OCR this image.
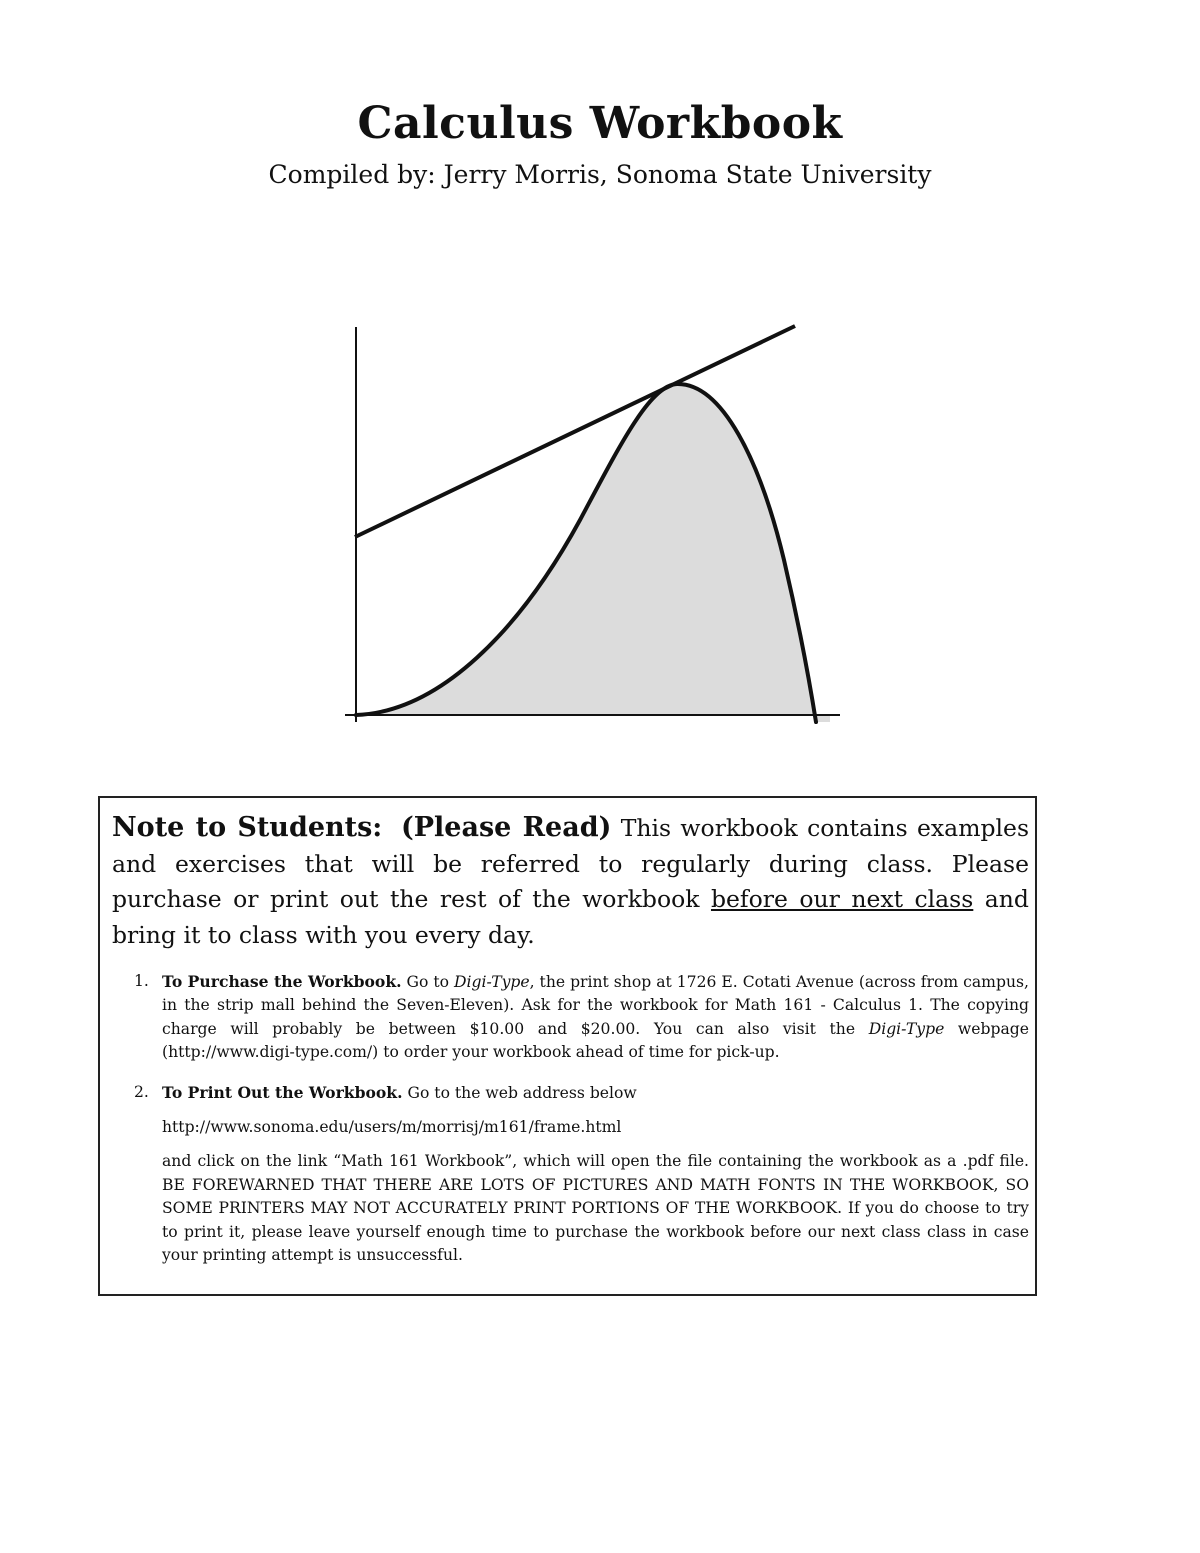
Calculus Workbook

Compiled by: Jerry Morris, Sonoma State University

Note to Students: (Please Read) This workbook contains examples and exercises that will be referred to regularly during class. Please purchase or print out the rest of the workbook before our next class and bring it to class with you every day.

1. To Purchase the Workbook. Go to Digi-Type, the print shop at 1726 E. Cotati Avenue (across from campus, in the strip mall behind the Seven-Eleven). Ask for the workbook for Math 161 - Calculus 1. The copying charge will probably be between $10.00 and $20.00. You can also visit the Digi-Type webpage (http://www.digi-type.com/) to order your workbook ahead of time for pick-up.
2. To Print Out the Workbook. Go to the web address below

http://www.sonoma.edu/users/m/morrisj/m161/frame.html

and click on the link “Math 161 Workbook”, which will open the file containing the workbook as a .pdf file. BE FOREWARNED THAT THERE ARE LOTS OF PICTURES AND MATH FONTS IN THE WORKBOOK, SO SOME PRINTERS MAY NOT ACCURATELY PRINT PORTIONS OF THE WORKBOOK. If you do choose to try to print it, please leave yourself enough time to purchase the workbook before our next class class in case your printing attempt is unsuccessful.
